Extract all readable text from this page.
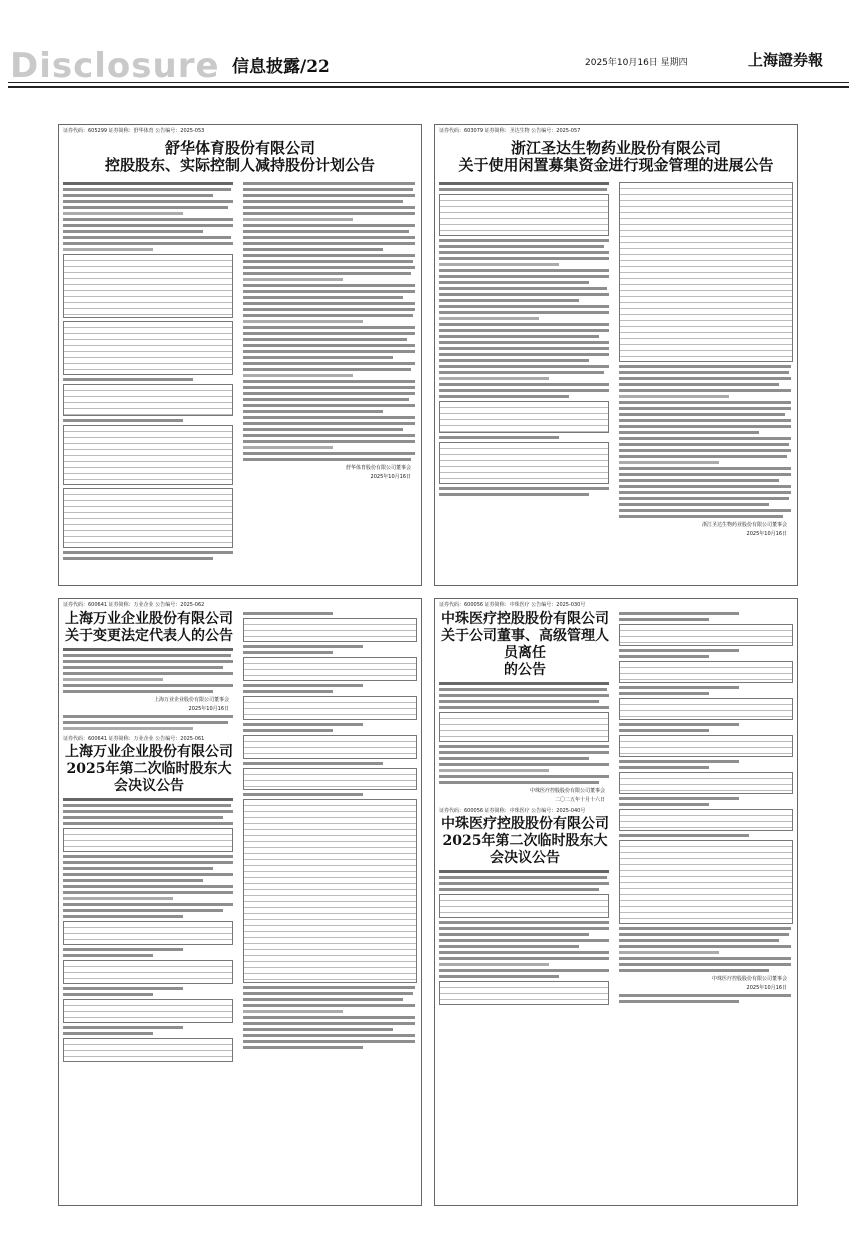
Disclosure 信息披露/22	2025年10月16日 星期四	上海證券報
证券代码：605299 证券简称：舒华体育 公告编号：2025-053
舒华体育股份有限公司
控股股东、实际控制人减持股份计划公告
舒华体育股份有限公司董事会
2025年10月16日
证券代码：603079 证券简称：圣达生物 公告编号：2025-057
浙江圣达生物药业股份有限公司
关于使用闲置募集资金进行现金管理的进展公告
浙江圣达生物药业股份有限公司董事会
2025年10月16日
证券代码：600641 证券简称：万业企业 公告编号：2025-062
上海万业企业股份有限公司
关于变更法定代表人的公告
上海万业企业股份有限公司董事会
2025年10月16日
证券代码：600641 证券简称：万业企业 公告编号：2025-061
上海万业企业股份有限公司
2025年第二次临时股东大会决议公告
证券代码：600056 证券简称：中珠医疗 公告编号：2025-030号
中珠医疗控股股份有限公司
关于公司董事、高级管理人员离任
的公告
中珠医疗控股股份有限公司董事会
二〇二五年十月十六日
证券代码：600056 证券简称：中珠医疗 公告编号：2025-040号
中珠医疗控股股份有限公司
2025年第二次临时股东大会决议公告
中珠医疗控股股份有限公司董事会
2025年10月16日
